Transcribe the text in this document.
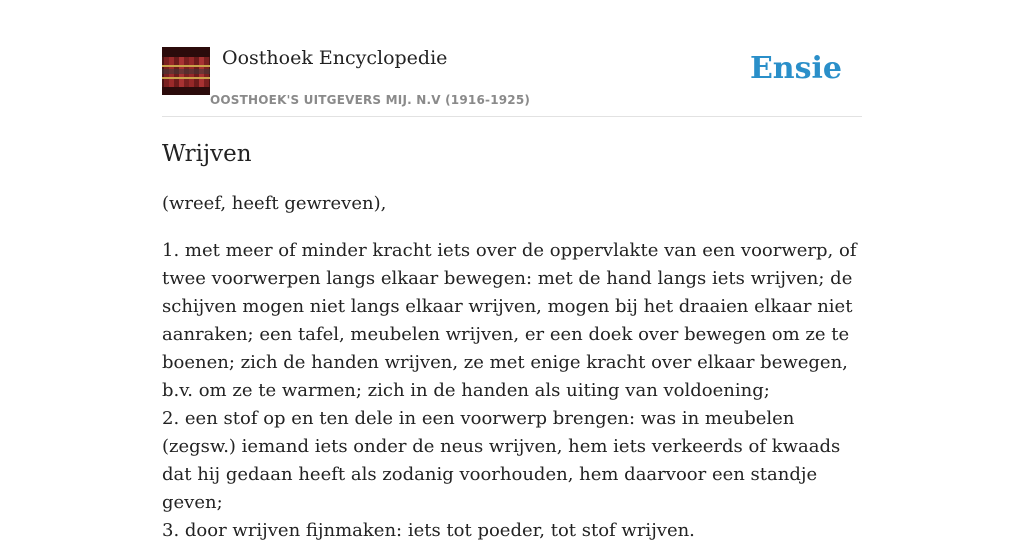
Oosthoek Encyclopedie
OOSTHOEK'S UITGEVERS MIJ. N.V (1916-1925)
Ensie
Wrijven

(wreef, heeft gewreven),

1. met meer of minder kracht iets over de oppervlakte van een voorwerp, of twee voorwerpen langs elkaar bewegen: met de hand langs iets wrijven; de schijven mogen niet langs elkaar wrijven, mogen bij het draaien elkaar niet aanraken; een tafel, meubelen wrijven, er een doek over bewegen om ze te boenen; zich de handen wrijven, ze met enige kracht over elkaar bewegen, b.v. om ze te warmen; zich in de handen als uiting van voldoening;
2. een stof op en ten dele in een voorwerp brengen: was in meubelen (zegsw.) iemand iets onder de neus wrijven, hem iets verkeerds of kwaads dat hij gedaan heeft als zodanig voorhouden, hem daarvoor een standje geven;
3. door wrijven fijnmaken: iets tot poeder, tot stof wrijven.
